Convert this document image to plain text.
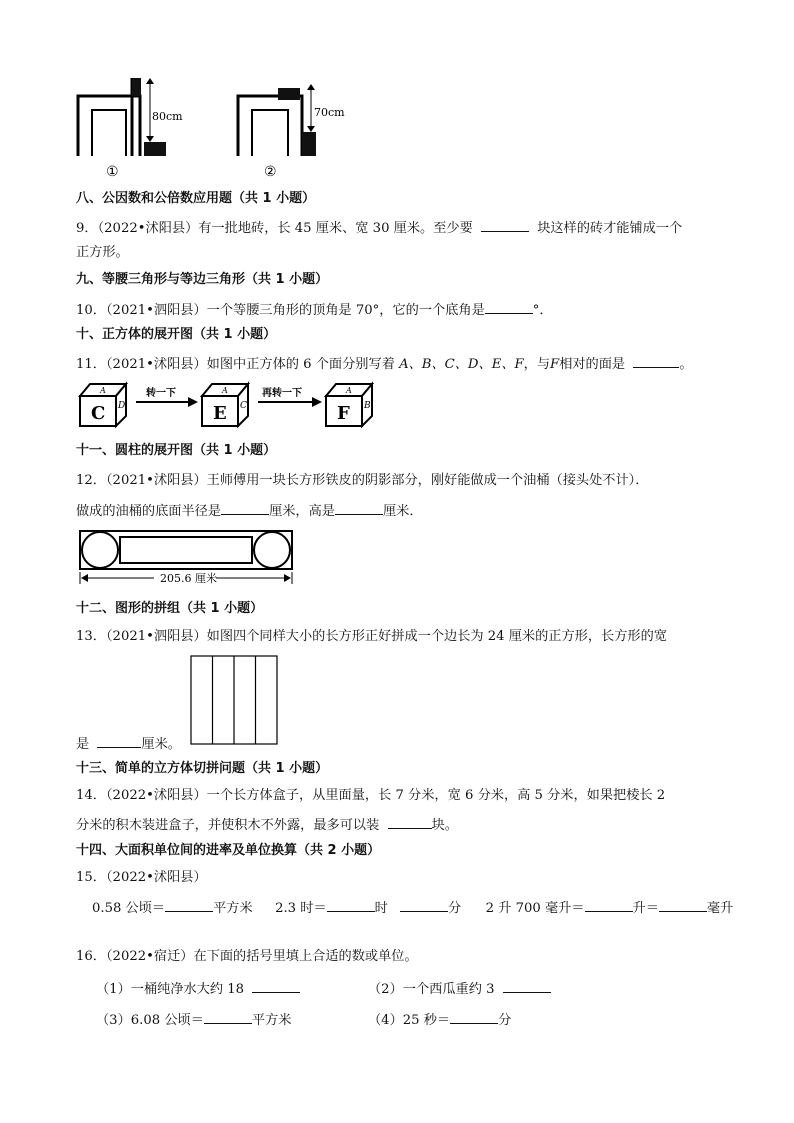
80cm
①
70cm
②
八、公因数和公倍数应用题（共 1 小题）
9．（2022•沭阳县）有一批地砖，长 45 厘米、宽 30 厘米。至少要	块这样的砖才能铺成一个
正方形。
九、等腰三角形与等边三角形（共 1 小题）
10．（2021•泗阳县）一个等腰三角形的顶角是 70°，它的一个底角是	°．
十、正方体的展开图（共 1 小题）
11．（2021•沭阳县）如图中正方体的 6 个面分别写着 A、B、C、D、E、F，与F相对的面是	。
C
A
D
转一下
E
A
C
再转一下
F
A
B
十一、圆柱的展开图（共 1 小题）
12．（2021•沭阳县）王师傅用一块长方形铁皮的阴影部分，刚好能做成一个油桶（接头处不计）．
做成的油桶的底面半径是	厘米，高是	厘米．
205.6 厘米
十二、图形的拼组（共 1 小题）
13．（2021•泗阳县）如图四个同样大小的长方形正好拼成一个边长为 24 厘米的正方形，长方形的宽
是	厘米。
十三、简单的立方体切拼问题（共 1 小题）
14．（2022•沭阳县）一个长方体盒子，从里面量，长 7 分米，宽 6 分米，高 5 分米，如果把棱长 2
分米的积木装进盒子，并使积木不外露，最多可以装	块。
十四、大面积单位间的进率及单位换算（共 2 小题）
15．（2022•沭阳县）
0.58 公顷＝	平方米 2.3 时＝	时	分 2 升 700 毫升＝	升＝	毫升
16．（2022•宿迁）在下面的括号里填上合适的数或单位。
（1）一桶纯净水大约 18	（2）一个西瓜重约 3
（3）6.08 公顷＝	平方米	（4）25 秒＝	分
